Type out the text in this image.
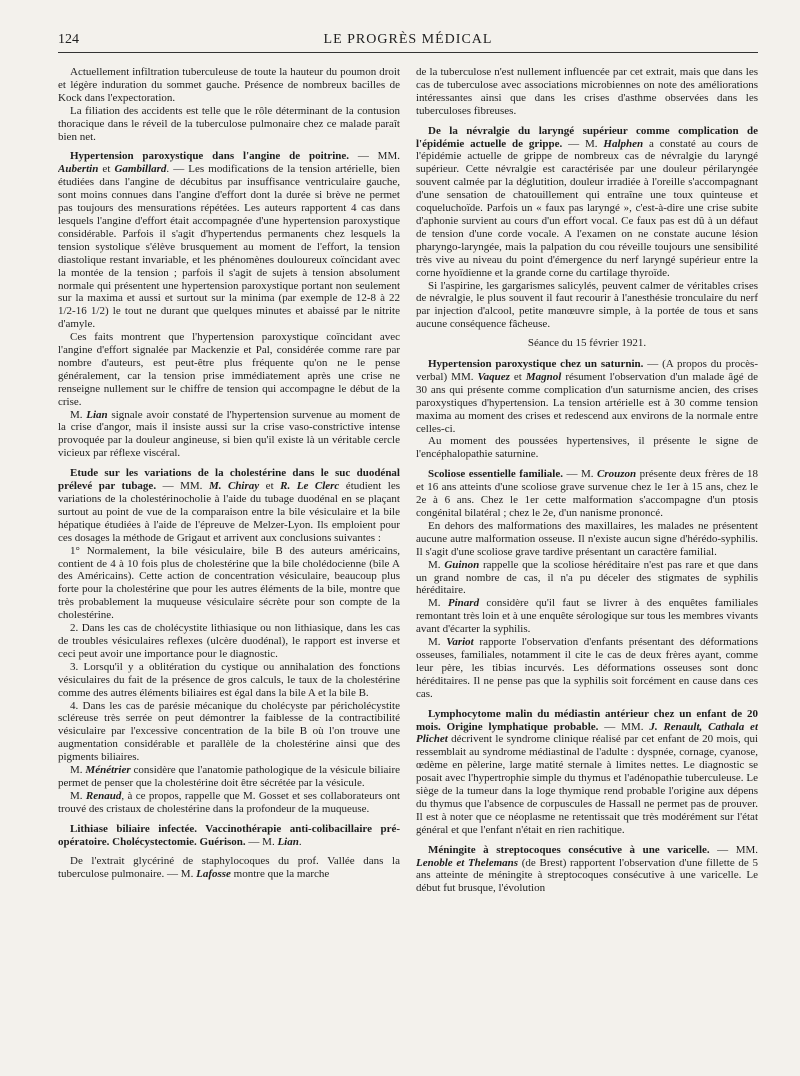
124	LE PROGRÈS MÉDICAL

Actuellement infiltration tuberculeuse de toute la hauteur du poumon droit et légère induration du sommet gauche. Présence de nombreux bacilles de Kock dans l'expectoration.

La filiation des accidents est telle que le rôle déterminant de la contusion thoracique dans le réveil de la tuberculose pulmonaire chez ce malade paraît bien net.

Hypertension paroxystique dans l'angine de poitrine. — MM. Aubertin et Gambillard. — Les modifications de la tension artérielle, bien étudiées dans l'angine de décubitus par insuffisance ventriculaire gauche, sont moins connues dans l'angine d'effort dont la durée si brève ne permet pas toujours des mensurations répétées. Les auteurs rapportent 4 cas dans lesquels l'angine d'effort était accompagnée d'une hypertension paroxystique considérable. Parfois il s'agit d'hypertendus permanents chez lesquels la tension systolique s'élève brusquement au moment de l'effort, la tension diastolique restant invariable, et les phénomènes douloureux coïncidant avec la montée de la tension ; parfois il s'agit de sujets à tension absolument normale qui présentent une hypertension paroxystique portant non seulement sur la maxima et aussi et surtout sur la minima (par exemple de 12-8 à 22 1/2-16 1/2) le tout ne durant que quelques minutes et abaissé par le nitrite d'amyle.

Ces faits montrent que l'hypertension paroxystique coïncidant avec l'angine d'effort signalée par Mackenzie et Pal, considérée comme rare par nombre d'auteurs, est peut-être plus fréquente qu'on ne le pense généralement, car la tension prise immédiatement après une crise ne renseigne nullement sur le chiffre de tension qui accompagne le début de la crise.

M. Lian signale avoir constaté de l'hypertension survenue au moment de la crise d'angor, mais il insiste aussi sur la crise vaso-constrictive intense provoquée par la douleur angineuse, si bien qu'il existe là un véritable cercle vicieux par réflexe viscéral.

Etude sur les variations de la cholestérine dans le suc duodénal prélevé par tubage. — MM. M. Chiray et R. Le Clerc étudient les variations de la cholestérinocholie à l'aide du tubage duodénal en se plaçant surtout au point de vue de la comparaison entre la bile vésiculaire et la bile hépatique étudiées à l'aide de l'épreuve de Melzer-Lyon. Ils emploient pour ces dosages la méthode de Grigaut et arrivent aux conclusions suivantes :

1° Normalement, la bile vésiculaire, bile B des auteurs américains, contient de 4 à 10 fois plus de cholestérine que la bile cholédocienne (bile A des Américains). Cette action de concentration vésiculaire, beaucoup plus forte pour la cholestérine que pour les autres éléments de la bile, montre que très probablement la muqueuse vésiculaire sécrète pour son compte de la cholestérine.

2. Dans les cas de cholécystite lithiasique ou non lithiasique, dans les cas de troubles vésiculaires reflexes (ulcère duodénal), le rapport est inverse et ceci peut avoir une importance pour le diagnostic.

3. Lorsqu'il y a oblitération du cystique ou annihalation des fonctions vésiculaires du fait de la présence de gros calculs, le taux de la cholestérine comme des autres éléments biliaires est égal dans la bile A et la bile B.

4. Dans les cas de parésie mécanique du cholécyste par péricholécystite scléreuse très serrée on peut démontrer la faiblesse de la contractibilité vésiculaire par l'excessive concentration de la bile B où l'on trouve une augmentation considérable et parallèle de la cholestérine ainsi que des pigments biliaires.

M. Ménétrier considère que l'anatomie pathologique de la vésicule biliaire permet de penser que la cholestérine doit être sécrétée par la vésicule.

M. Renaud, à ce propos, rappelle que M. Gosset et ses collaborateurs ont trouvé des cristaux de cholestérine dans la profondeur de la muqueuse.

Lithiase biliaire infectée. Vaccinothérapie anti-colibacillaire pré-opératoire. Cholécystectomie. Guérison. — M. Lian.

De l'extrait glycériné de staphylocoques du prof. Vallée dans la tuberculose pulmonaire. — M. Lafosse montre que la marche

de la tuberculose n'est nullement influencée par cet extrait, mais que dans les cas de tuberculose avec associations microbiennes on note des améliorations intéressantes ainsi que dans les crises d'asthme observées dans les tuberculoses fibreuses.

De la névralgie du laryngé supérieur comme complication de l'épidémie actuelle de grippe. — M. Halphen a constaté au cours de l'épidémie actuelle de grippe de nombreux cas de névralgie du laryngé supérieur. Cette névralgie est caractérisée par une douleur périlaryngée souvent calmée par la déglutition, douleur irradiée à l'oreille s'accompagnant d'une sensation de chatouillement qui entraîne une toux quinteuse et coqueluchoïde. Parfois un « faux pas laryngé », c'est-à-dire une crise subite d'aphonie survient au cours d'un effort vocal. Ce faux pas est dû à un défaut de tension d'une corde vocale. A l'examen on ne constate aucune lésion pharyngo-laryngée, mais la palpation du cou réveille toujours une sensibilité très vive au niveau du point d'émergence du nerf laryngé supérieur entre la corne hyoïdienne et la grande corne du cartilage thyroïde.

Si l'aspirine, les gargarismes salicylés, peuvent calmer de véritables crises de névralgie, le plus souvent il faut recourir à l'anesthésie tronculaire du nerf par injection d'alcool, petite manœuvre simple, à la portée de tous et sans aucune conséquence fâcheuse.

Séance du 15 février 1921.

Hypertension paroxystique chez un saturnin. — (A propos du procès-verbal) MM. Vaquez et Magnol résument l'observation d'un malade âgé de 30 ans qui présente comme complication d'un saturnisme ancien, des crises paroxystiques d'hypertension. La tension artérielle est à 30 comme tension maxima au moment des crises et redescend aux environs de la normale entre celles-ci.

Au moment des poussées hypertensives, il présente le signe de l'encéphalopathie saturnine.

Scoliose essentielle familiale. — M. Crouzon présente deux frères de 18 et 16 ans atteints d'une scoliose grave survenue chez le 1er à 15 ans, chez le 2e à 6 ans. Chez le 1er cette malformation s'accompagne d'un ptosis congénital bilatéral ; chez le 2e, d'un nanisme prononcé.

En dehors des malformations des maxillaires, les malades ne présentent aucune autre malformation osseuse. Il n'existe aucun signe d'hérédo-syphilis. Il s'agit d'une scoliose grave tardive présentant un caractère familial.

M. Guinon rappelle que la scoliose héréditaire n'est pas rare et que dans un grand nombre de cas, il n'a pu déceler des stigmates de syphilis héréditaire.

M. Pinard considère qu'il faut se livrer à des enquêtes familiales remontant très loin et à une enquête sérologique sur tous les membres vivants avant d'écarter la syphilis.

M. Variot rapporte l'observation d'enfants présentant des déformations osseuses, familiales, notamment il cite le cas de deux frères ayant, comme leur père, les tibias incurvés. Les déformations osseuses sont donc héréditaires. Il ne pense pas que la syphilis soit forcément en cause dans ces cas.

Lymphocytome malin du médiastin antérieur chez un enfant de 20 mois. Origine lymphatique probable. — MM. J. Renault, Cathala et Plichet décrivent le syndrome clinique réalisé par cet enfant de 20 mois, qui ressemblait au syndrome médiastinal de l'adulte : dyspnée, cornage, cyanose, œdème en pèlerine, large matité sternale à limites nettes. Le diagnostic se posait avec l'hypertrophie simple du thymus et l'adénopathie tuberculeuse. Le siège de la tumeur dans la loge thymique rend probable l'origine aux dépens du thymus que l'absence de corpuscules de Hassall ne permet pas de prouver. Il est à noter que ce néoplasme ne retentissait que très modérément sur l'état général et que l'enfant n'était en rien rachitique.

Méningite à streptocoques consécutive à une varicelle. — MM. Lenoble et Thelemans (de Brest) rapportent l'observation d'une fillette de 5 ans atteinte de méningite à streptocoques consécutive à une varicelle. Le début fut brusque, l'évolution
